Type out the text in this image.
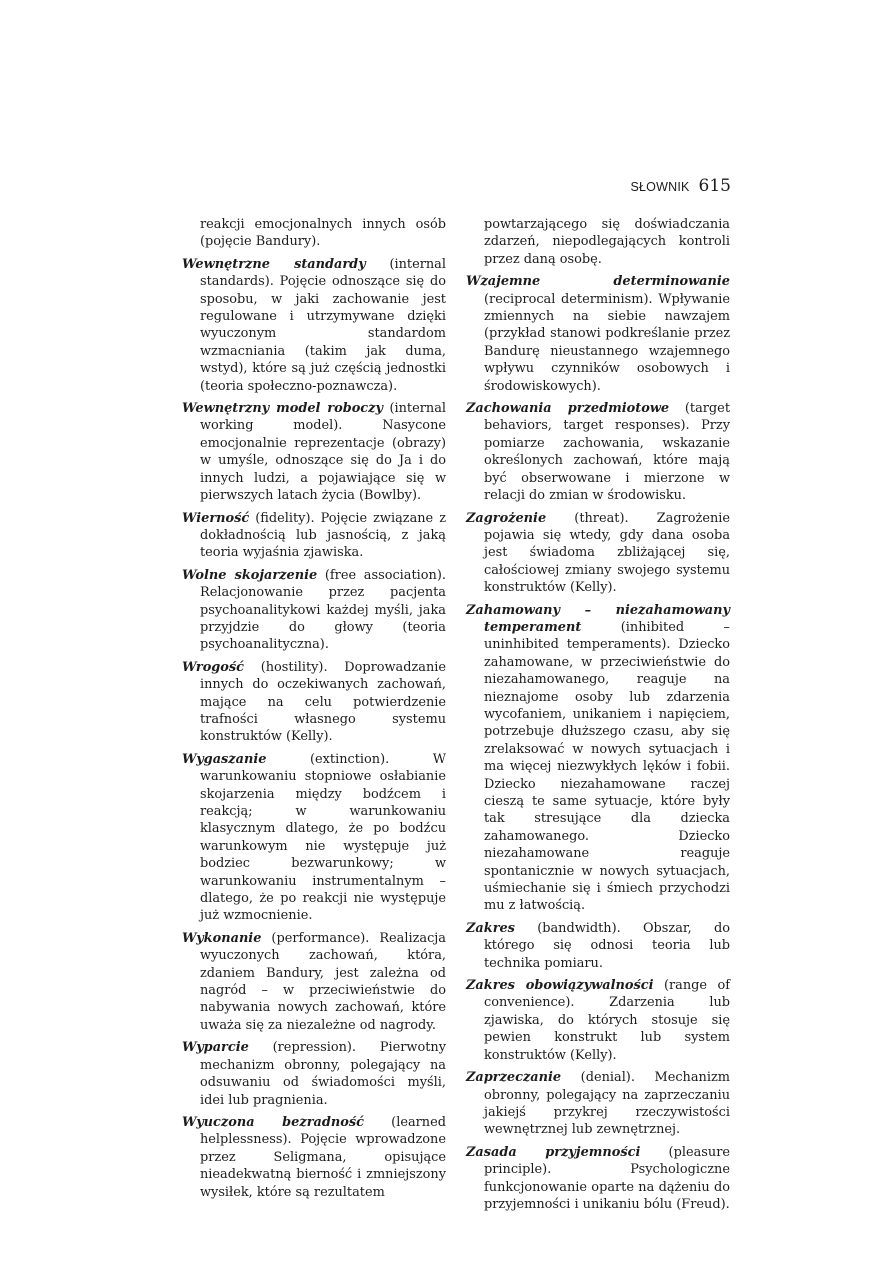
SŁOWNIK 615

reakcji emocjonalnych innych osób (pojęcie Bandury).

Wewnętrzne standardy (internal standards). Pojęcie odnoszące się do sposobu, w jaki zachowanie jest regulowane i utrzymywane dzięki wyuczonym standardom wzmacniania (takim jak duma, wstyd), które są już częścią jednostki (teoria społeczno-poznawcza).

Wewnętrzny model roboczy (internal working model). Nasycone emocjonalnie reprezentacje (obrazy) w umyśle, odnoszące się do Ja i do innych ludzi, a pojawiające się w pierwszych latach życia (Bowlby).

Wierność (fidelity). Pojęcie związane z dokładnością lub jasnością, z jaką teoria wyjaśnia zjawiska.

Wolne skojarzenie (free association). Relacjonowanie przez pacjenta psychoanalitykowi każdej myśli, jaka przyjdzie do głowy (teoria psychoanalityczna).

Wrogość (hostility). Doprowadzanie innych do oczekiwanych zachowań, mające na celu potwierdzenie trafności własnego systemu konstruktów (Kelly).

Wygaszanie (extinction). W warunkowaniu stopniowe osłabianie skojarzenia między bodźcem i reakcją; w warunkowaniu klasycznym dlatego, że po bodźcu warunkowym nie występuje już bodziec bezwarunkowy; w warunkowaniu instrumentalnym – dlatego, że po reakcji nie występuje już wzmocnienie.

Wykonanie (performance). Realizacja wyuczonych zachowań, która, zdaniem Bandury, jest zależna od nagród – w przeciwieństwie do nabywania nowych zachowań, które uważa się za niezależne od nagrody.

Wyparcie (repression). Pierwotny mechanizm obronny, polegający na odsuwaniu od świadomości myśli, idei lub pragnienia.

Wyuczona bezradność (learned helplessness). Pojęcie wprowadzone przez Seligmana, opisujące nieadekwatną bierność i zmniejszony wysiłek, które są rezultatem

powtarzającego się doświadczania zdarzeń, niepodlegających kontroli przez daną osobę.

Wzajemne determinowanie (reciprocal determinism). Wpływanie zmiennych na siebie nawzajem (przykład stanowi podkreślanie przez Bandurę nieustannego wzajemnego wpływu czynników osobowych i środowiskowych).

Zachowania przedmiotowe (target behaviors, target responses). Przy pomiarze zachowania, wskazanie określonych zachowań, które mają być obserwowane i mierzone w relacji do zmian w środowisku.

Zagrożenie (threat). Zagrożenie pojawia się wtedy, gdy dana osoba jest świadoma zbliżającej się, całościowej zmiany swojego systemu konstruktów (Kelly).

Zahamowany – niezahamowany temperament (inhibited – uninhibited temperaments). Dziecko zahamowane, w przeciwieństwie do niezahamowanego, reaguje na nieznajome osoby lub zdarzenia wycofaniem, unikaniem i napięciem, potrzebuje dłuższego czasu, aby się zrelaksować w nowych sytuacjach i ma więcej niezwykłych lęków i fobii. Dziecko niezahamowane raczej cieszą te same sytuacje, które były tak stresujące dla dziecka zahamowanego. Dziecko niezahamowane reaguje spontanicznie w nowych sytuacjach, uśmiechanie się i śmiech przychodzi mu z łatwością.

Zakres (bandwidth). Obszar, do którego się odnosi teoria lub technika pomiaru.

Zakres obowiązywalności (range of convenience). Zdarzenia lub zjawiska, do których stosuje się pewien konstrukt lub system konstruktów (Kelly).

Zaprzeczanie (denial). Mechanizm obronny, polegający na zaprzeczaniu jakiejś przykrej rzeczywistości wewnętrznej lub zewnętrznej.

Zasada przyjemności (pleasure principle). Psychologiczne funkcjonowanie oparte na dążeniu do przyjemności i unikaniu bólu (Freud).
